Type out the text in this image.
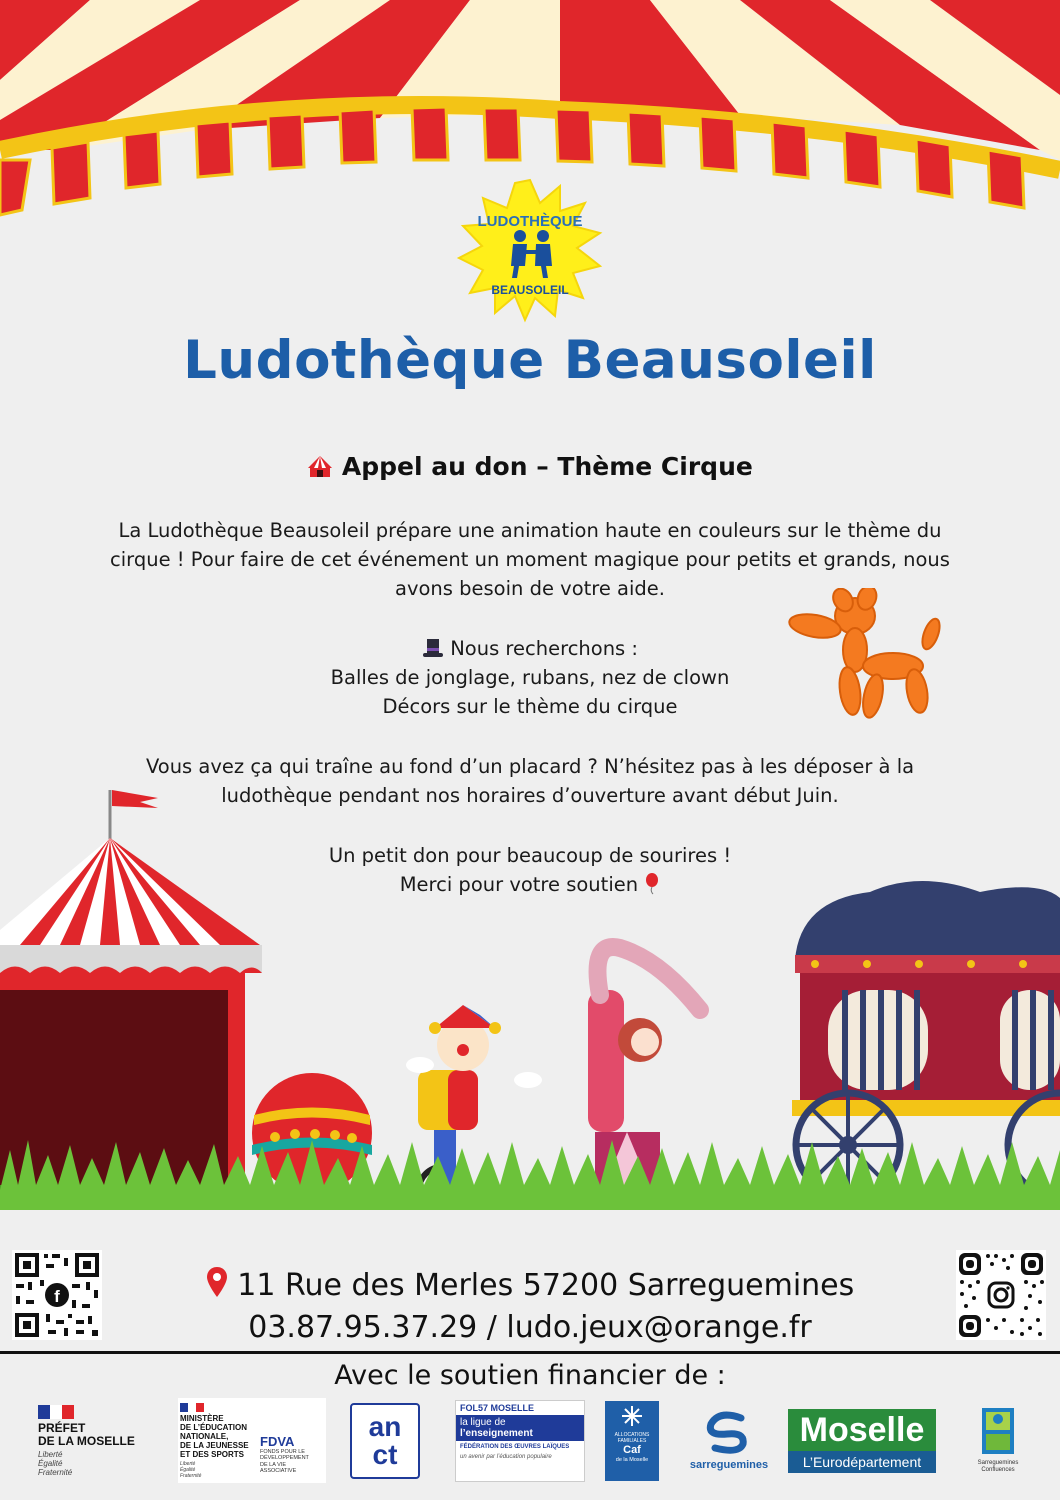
LUDOTHÈQUE
BEAUSOLEIL
Ludothèque Beausoleil
Appel au don – Thème Cirque
La Ludothèque Beausoleil prépare une animation haute en couleurs sur le thème du
cirque ! Pour faire de cet événement un moment magique pour petits et grands, nous
avons besoin de votre aide.
Nous recherchons :
Balles de jonglage, rubans, nez de clown
Décors sur le thème du cirque
Vous avez ça qui traîne au fond d’un placard ? N’hésitez pas à les déposer à la
ludothèque pendant nos horaires d’ouverture avant début Juin.
Un petit don pour beaucoup de sourires !
Merci pour votre soutien
f	11 Rue des Merles 57200 Sarreguemines
03.87.95.37.29 / ludo.jeux@orange.fr
Avec le soutien financier de :
PRÉFET
DE LA MOSELLE
Liberté
Égalité
Fraternité
MINISTÈRE
DE L’ÉDUCATION
NATIONALE,
DE LA JEUNESSE
ET DES SPORTS
Liberté
Égalité
Fraternité
FDVA
FONDS POUR LE
DÉVELOPPEMENT
DE LA VIE
ASSOCIATIVE
an
ct
FOL57 MOSELLE
la ligue de
l’enseignement
FÉDÉRATION DES ŒUVRES LAÏQUES
un avenir par l’éducation populaire
ALLOCATIONS
FAMILIALES
Caf
de la Moselle	sarreguemines
Moselle
L’Eurodépartement	Sarreguemines
Confluences
